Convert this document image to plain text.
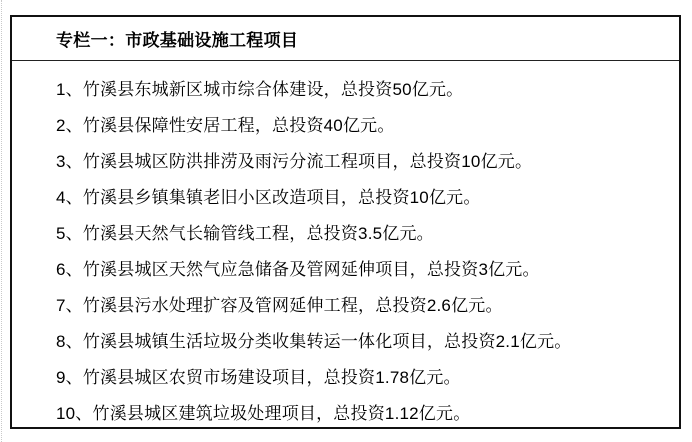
专栏一：市政基础设施工程项目

1、竹溪县东城新区城市综合体建设，总投资50亿元。

2、竹溪县保障性安居工程，总投资40亿元。

3、竹溪县城区防洪排涝及雨污分流工程项目，总投资10亿元。

4、竹溪县乡镇集镇老旧小区改造项目，总投资10亿元。

5、竹溪县天然气长输管线工程，总投资3.5亿元。

6、竹溪县城区天然气应急储备及管网延伸项目，总投资3亿元。

7、竹溪县污水处理扩容及管网延伸工程，总投资2.6亿元。

8、竹溪县城镇生活垃圾分类收集转运一体化项目，总投资2.1亿元。

9、竹溪县城区农贸市场建设项目，总投资1.78亿元。

10、竹溪县城区建筑垃圾处理项目，总投资1.12亿元。
